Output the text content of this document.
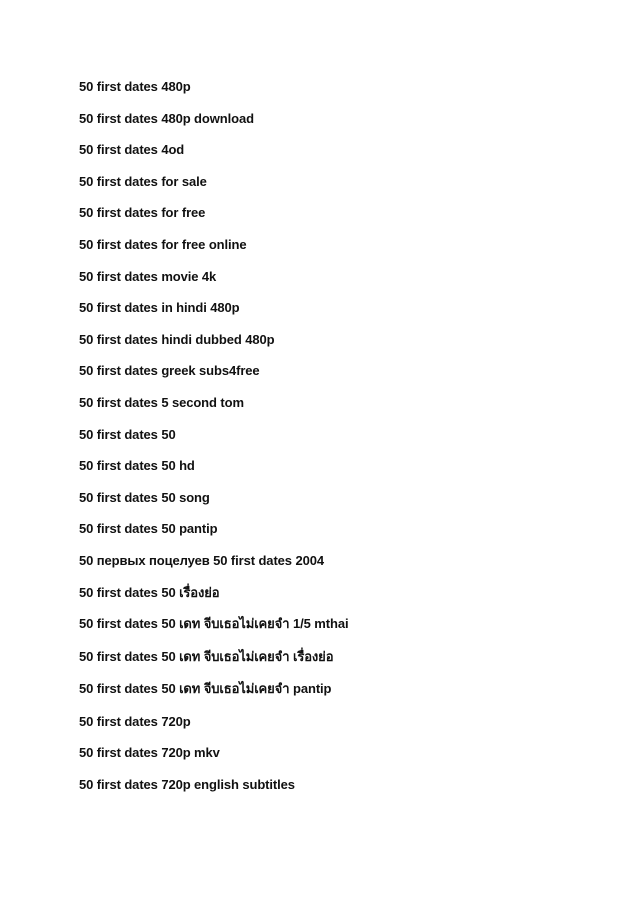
50 first dates 480p
50 first dates 480p download
50 first dates 4od
50 first dates for sale
50 first dates for free
50 first dates for free online
50 first dates movie 4k
50 first dates in hindi 480p
50 first dates hindi dubbed 480p
50 first dates greek subs4free
50 first dates 5 second tom
50 first dates 50
50 first dates 50 hd
50 first dates 50 song
50 first dates 50 pantip
50 первых поцелуев 50 first dates 2004
50 first dates 50 เรื่องย่อ
50 first dates 50 เดท จีบเธอไม่เคยจำ 1/5 mthai
50 first dates 50 เดท จีบเธอไม่เคยจำ เรื่องย่อ
50 first dates 50 เดท จีบเธอไม่เคยจำ pantip
50 first dates 720p
50 first dates 720p mkv
50 first dates 720p english subtitles
